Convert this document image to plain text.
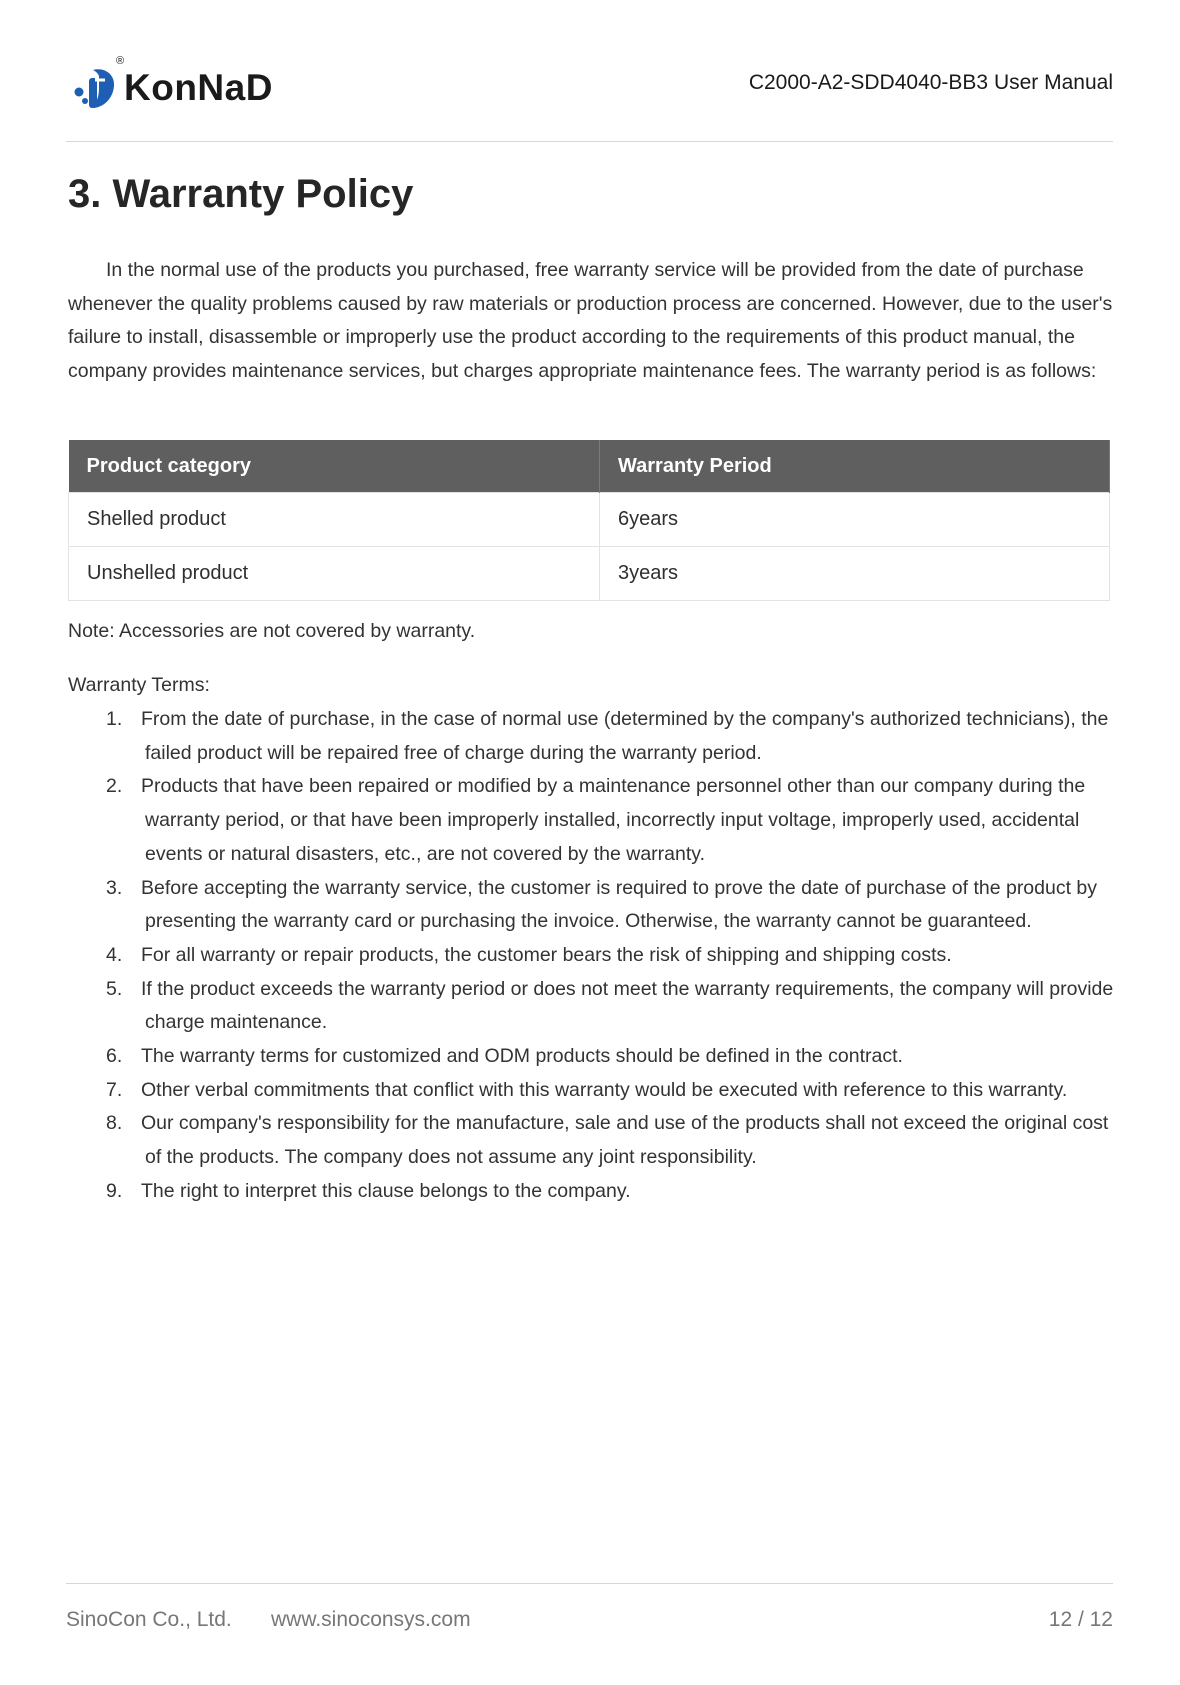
®
KonNaD	C2000-A2-SDD4040-BB3 User Manual
3. Warranty Policy

In the normal use of the products you purchased, free warranty service will be provided from the date of purchase whenever the quality problems caused by raw materials or production process are concerned. However, due to the user's failure to install, disassemble or improperly use the product according to the requirements of this product manual, the company provides maintenance services, but charges appropriate maintenance fees. The warranty period is as follows:

Product category	Warranty Period
Shelled product	6years
Unshelled product	3years

Note: Accessories are not covered by warranty.

Warranty Terms:

1. From the date of purchase, in the case of normal use (determined by the company's authorized technicians), the failed product will be repaired free of charge during the warranty period.
2. Products that have been repaired or modified by a maintenance personnel other than our company during the warranty period, or that have been improperly installed, incorrectly input voltage, improperly used, accidental events or natural disasters, etc., are not covered by the warranty.
3. Before accepting the warranty service, the customer is required to prove the date of purchase of the product by presenting the warranty card or purchasing the invoice. Otherwise, the warranty cannot be guaranteed.
4. For all warranty or repair products, the customer bears the risk of shipping and shipping costs.
5. If the product exceeds the warranty period or does not meet the warranty requirements, the company will provide charge maintenance.
6. The warranty terms for customized and ODM products should be defined in the contract.
7. Other verbal commitments that conflict with this warranty would be executed with reference to this warranty.
8. Our company's responsibility for the manufacture, sale and use of the products shall not exceed the original cost of the products. The company does not assume any joint responsibility.
9. The right to interpret this clause belongs to the company.
SinoCon Co., Ltd. www.sinoconsys.com	12 / 12
